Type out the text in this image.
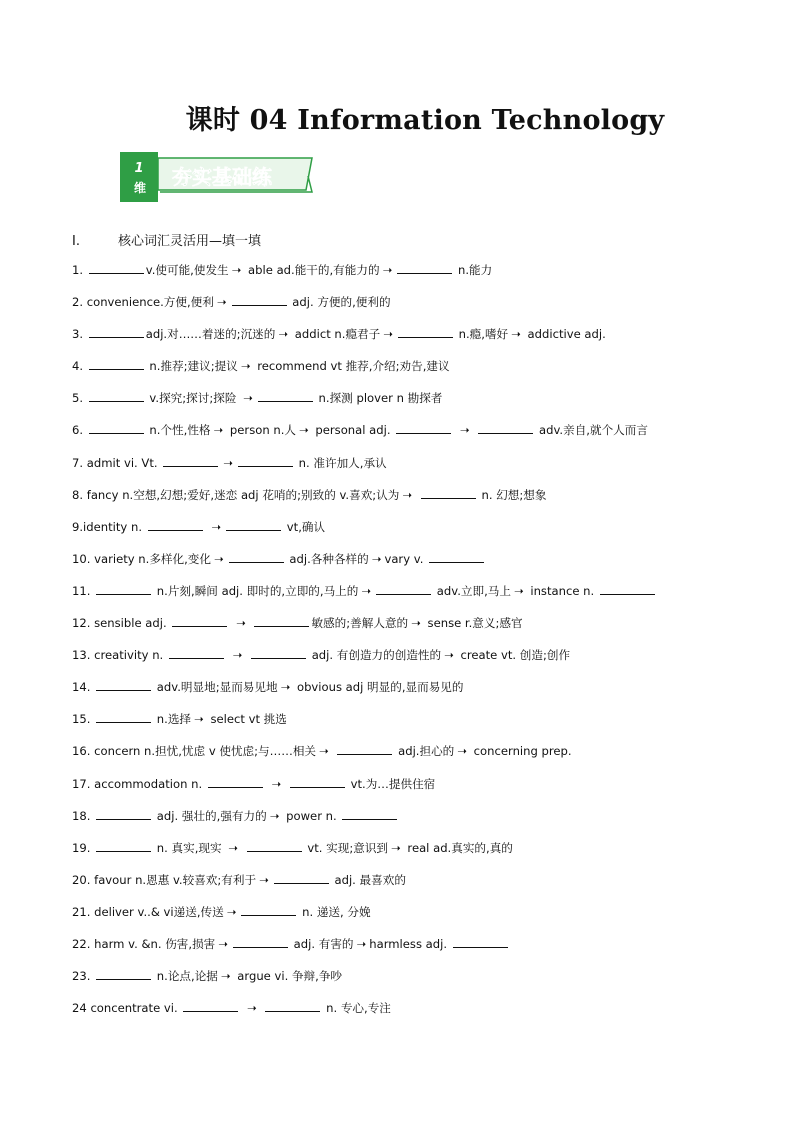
课时 04 Information Technology
1
维 夯实基础练
I.	核心词汇灵活用—填一填
1.	v.使可能,使发生 ➝ able ad.能干的,有能力的 ➝	n.能力
2. convenience.方便,便利 ➝	adj. 方便的,便利的
3.	adj.对……着迷的;沉迷的 ➝ addict n.瘾君子 ➝	n.瘾,嗜好 ➝ addictive adj.
4.	n.推荐;建议;提议 ➝ recommend vt 推荐,介绍;劝告,建议
5.	v.探究;探讨;探险 ➝	n.探测 plover n 勘探者
6.	n.个性,性格 ➝ person n.人 ➝ personal adj.	➝	adv.亲自,就个人而言
7. admit vi. Vt.	➝	n. 准许加人,承认
8. fancy n.空想,幻想;爱好,迷恋 adj 花哨的;别致的 v.喜欢;认为 ➝	n. 幻想;想象
9.identity n.	➝	vt,确认
10. variety n.多样化,变化 ➝	adj.各种各样的 ➝ vary v.
11.	n.片刻,瞬间 adj. 即时的,立即的,马上的 ➝	adv.立即,马上 ➝ instance n.
12. sensible adj.	➝	敏感的;善解人意的 ➝ sense r.意义;感官
13. creativity n.	➝	adj. 有创造力的创造性的 ➝ create vt. 创造;创作
14.	adv.明显地;显而易见地 ➝ obvious adj 明显的,显而易见的
15.	n.选择 ➝ select vt 挑选
16. concern n.担忧,忧虑 v 使忧虑;与……相关 ➝	adj.担心的 ➝ concerning prep.
17. accommodation n.	➝	vt.为…提供住宿
18.	adj. 强壮的,强有力的 ➝ power n.
19.	n. 真实,现实 ➝	vt. 实现;意识到 ➝ real ad.真实的,真的
20. favour n.恩惠 v.较喜欢;有利于 ➝	adj. 最喜欢的
21. deliver v..& vi递送,传送 ➝	n. 递送, 分娩
22. harm v. &n. 伤害,损害 ➝	adj. 有害的 ➝ harmless adj.
23.	n.论点,论据 ➝ argue vi. 争辩,争吵
24 concentrate vi.	➝	n. 专心,专注
